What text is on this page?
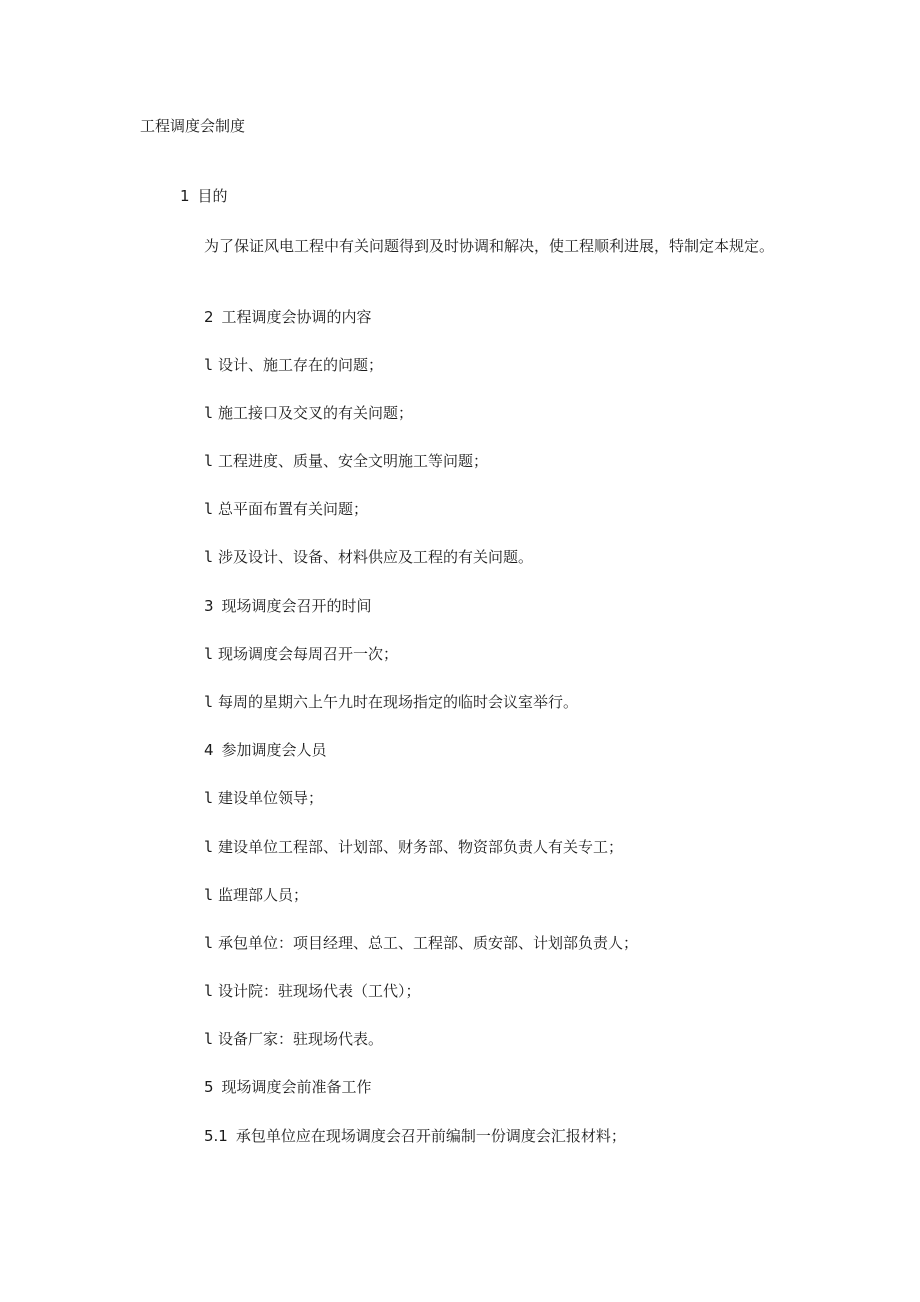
工程调度会制度
1 目的
为了保证风电工程中有关问题得到及时协调和解决，使工程顺利进展，特制定本规定。
2 工程调度会协调的内容
l 设计、施工存在的问题；
l 施工接口及交叉的有关问题；
l 工程进度、质量、安全文明施工等问题；
l 总平面布置有关问题；
l 涉及设计、设备、材料供应及工程的有关问题。
3 现场调度会召开的时间
l 现场调度会每周召开一次；
l 每周的星期六上午九时在现场指定的临时会议室举行。
4 参加调度会人员
l 建设单位领导；
l 建设单位工程部、计划部、财务部、物资部负责人有关专工；
l 监理部人员；
l 承包单位：项目经理、总工、工程部、质安部、计划部负责人；
l 设计院：驻现场代表（工代）；
l 设备厂家：驻现场代表。
5 现场调度会前准备工作
5.1 承包单位应在现场调度会召开前编制一份调度会汇报材料；
